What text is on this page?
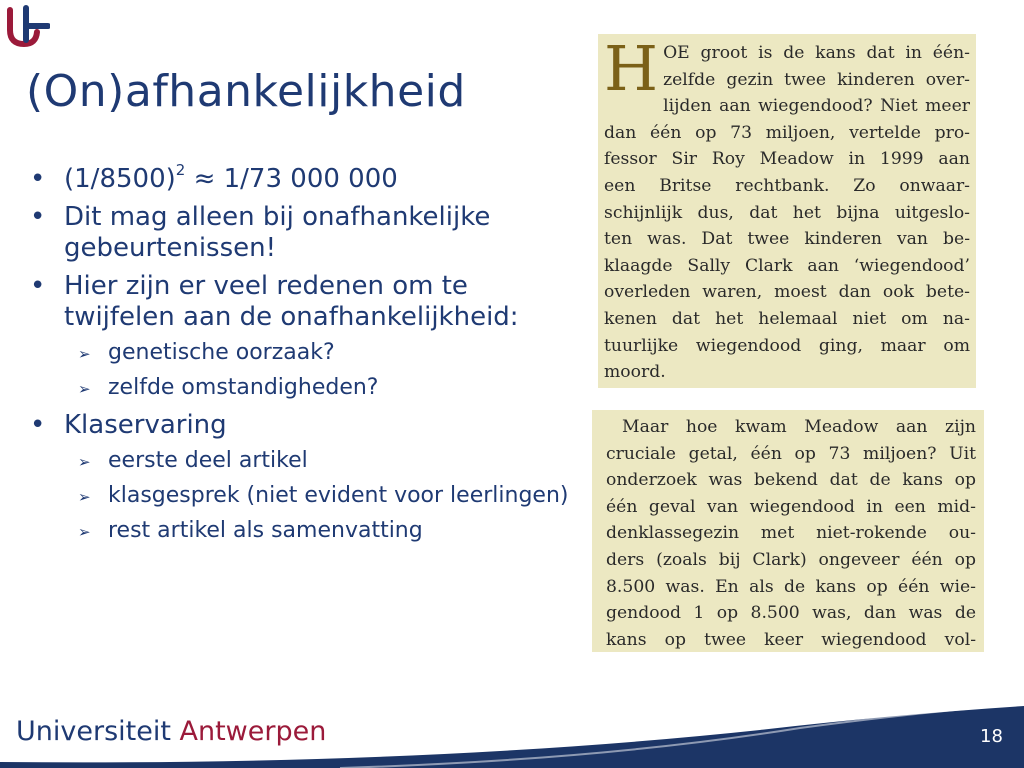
(On)afhankelijkheid
• $(1/8500)^2 \approx 1/73$ 000 000
• Dit mag alleen bij onafhankelijke gebeurtenissen!
• Hier zijn er veel redenen om te twijfelen aan de onafhankelijkheid:
➢ genetische oorzaak?
➢ zelfde omstandigheden?
• Klaservaring
➢ eerste deel artikel
➢ klasgesprek (niet evident voor leerlingen)
➢ rest artikel als samenvatting
H OE groot is de kans dat in één-
zelfde gezin twee kinderen over-
lijden aan wiegendood? Niet meer
dan één op 73 miljoen, vertelde pro-
fessor Sir Roy Meadow in 1999 aan
een Britse rechtbank. Zo onwaar-
schijnlijk dus, dat het bijna uitgeslo-
ten was. Dat twee kinderen van be-
klaagde Sally Clark aan ‘wiegendood’
overleden waren, moest dan ook bete-
kenen dat het helemaal niet om na-
tuurlijke wiegendood ging, maar om
moord.
Maar hoe kwam Meadow aan zijn
cruciale getal, één op 73 miljoen? Uit
onderzoek was bekend dat de kans op
één geval van wiegendood in een mid-
denklassegezin met niet-rokende ou-
ders (zoals bij Clark) ongeveer één op
8.500 was. En als de kans op één wie-
gendood 1 op 8.500 was, dan was de
kans op twee keer wiegendood vol-
Universiteit Antwerpen	18
